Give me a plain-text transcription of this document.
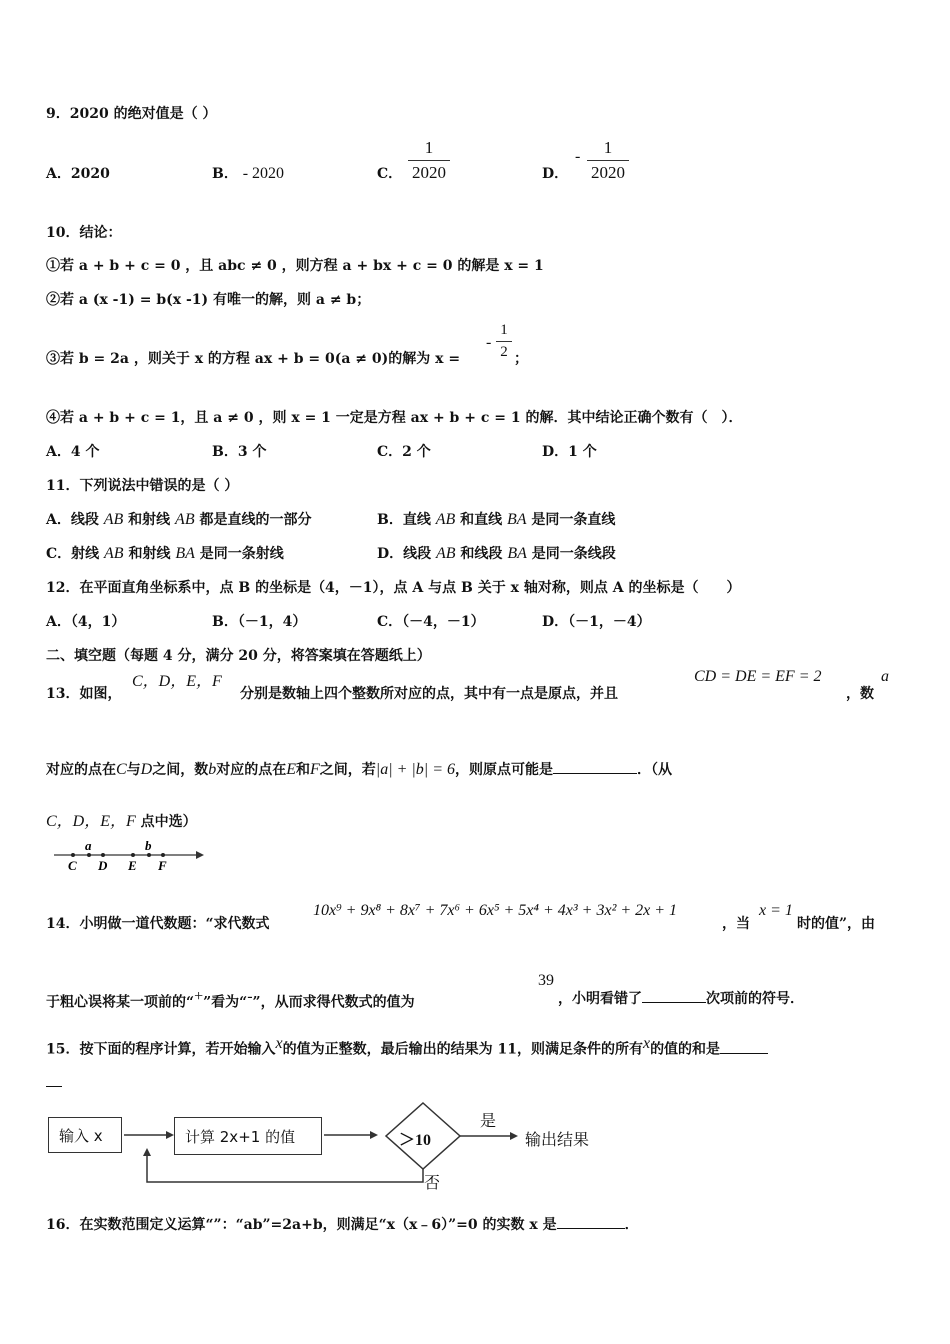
9．2020 的绝对值是（ ）
A．2020	B． - 2020	C． $\frac{1}{2020}$	D．
- $\frac{1}{2020}$
10．结论：
①若 a + b + c = 0 ，且 abc ≠ 0 ，则方程 a + bx + c = 0 的解是 x = 1
②若 a (x -1) = b(x -1) 有唯一的解，则 a ≠ b；
③若 b = 2a ，则关于 x 的方程 ax + b = 0(a ≠ 0)的解为 x =
- $\frac{1}{2}$ ；
④若 a + b + c = 1，且 a ≠ 0 ，则 x = 1 一定是方程 ax + b + c = 1 的解．其中结论正确个数有（　）．
A．4 个	B．3 个	C．2 个	D．1 个
11．下列说法中错误的是（ ）
A．线段 AB 和射线 AB 都是直线的一部分	B．直线 AB 和直线 BA 是同一条直线
C．射线 AB 和射线 BA 是同一条射线	D．线段 AB 和线段 BA 是同一条线段
12．在平面直角坐标系中，点 B 的坐标是（4，－1），点 A 与点 B 关于 x 轴对称，则点 A 的坐标是（　　）
A．（4，1）	B．（－1，4）	C．（－4，－1）	D．（－1，－4）
二、填空题（每题 4 分，满分 20 分，将答案填在答题纸上）
13．如图，
C，D，E，F
分别是数轴上四个整数所对应的点，其中有一点是原点，并且
CD = DE = EF = 2
，数
a
对应的点在C与D之间，数b对应的点在E和F之间，若|a| + |b| = 6，则原点可能是	．（从
C，D，E，F 点中选）
a	b
C D E F
14．小明做一道代数题：“求代数式
10x⁹ + 9x⁸ + 8x⁷ + 7x⁶ + 6x⁵ + 5x⁴ + 4x³ + 3x² + 2x + 1
，当
x = 1
时的值”，由
于粗心误将某一项前的“+”看为“-”，从而求得代数式的值为
39
，小明看错了	次项前的符号．
15．按下面的程序计算，若开始输入$^x$的值为正整数，最后输出的结果为 11，则满足条件的所有$^x$的值的和是
输入 x	计算 2x+1 的值	＞10
是
否
输出结果
16．在实数范围定义运算“”：“ab”=2a+b，则满足“x（x﹣6）”=0 的实数 x 是	．
